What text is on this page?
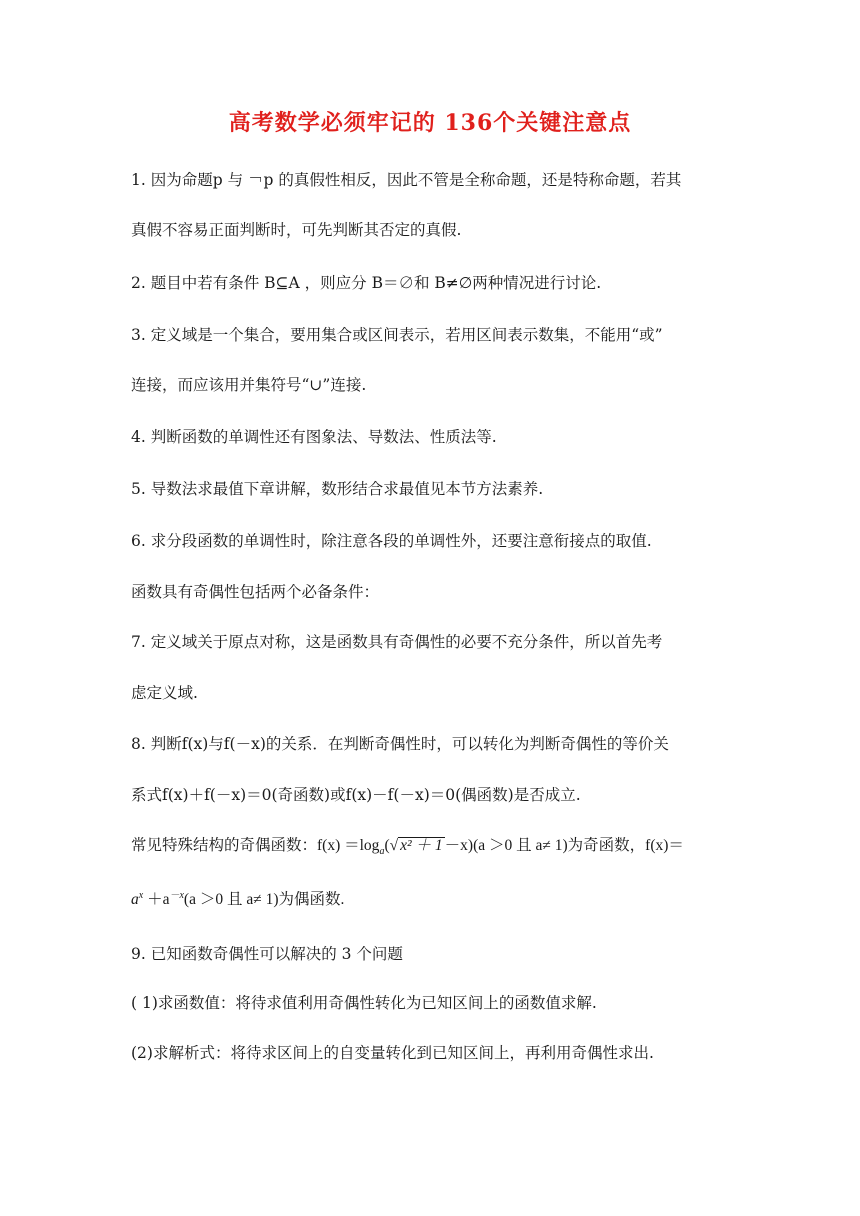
高考数学必须牢记的 136个关键注意点
1. 因为命题p 与 ￢p 的真假性相反，因此不管是全称命题，还是特称命题，若其
真假不容易正面判断时，可先判断其否定的真假.
2. 题目中若有条件 B⊆A ，则应分 B＝∅和 B≠∅两种情况进行讨论.
3. 定义域是一个集合，要用集合或区间表示，若用区间表示数集，不能用“或”
连接，而应该用并集符号“∪”连接.
4. 判断函数的单调性还有图象法、导数法、性质法等.
5. 导数法求最值下章讲解，数形结合求最值见本节方法素养.
6. 求分段函数的单调性时，除注意各段的单调性外，还要注意衔接点的取值.
函数具有奇偶性包括两个必备条件：
7. 定义域关于原点对称，这是函数具有奇偶性的必要不充分条件，所以首先考
虑定义域.
8. 判断f(x)与f(－x)的关系．在判断奇偶性时，可以转化为判断奇偶性的等价关
系式f(x)＋f(－x)＝0(奇函数)或f(x)－f(－x)＝0(偶函数)是否成立.
9. 已知函数奇偶性可以解决的 3 个问题
( 1)求函数值：将待求值利用奇偶性转化为已知区间上的函数值求解.
(2)求解析式：将待求区间上的自变量转化到已知区间上，再利用奇偶性求出.
常见特殊结构的奇偶函数：$f(x) =\log_a(√$ x² ＋ 1 －x)(a ＞0 且 a≠ 1)为奇函数，f(x)＝
$a^x +a^{-x}(a >0$ 且 a≠ 1)为偶函数.
